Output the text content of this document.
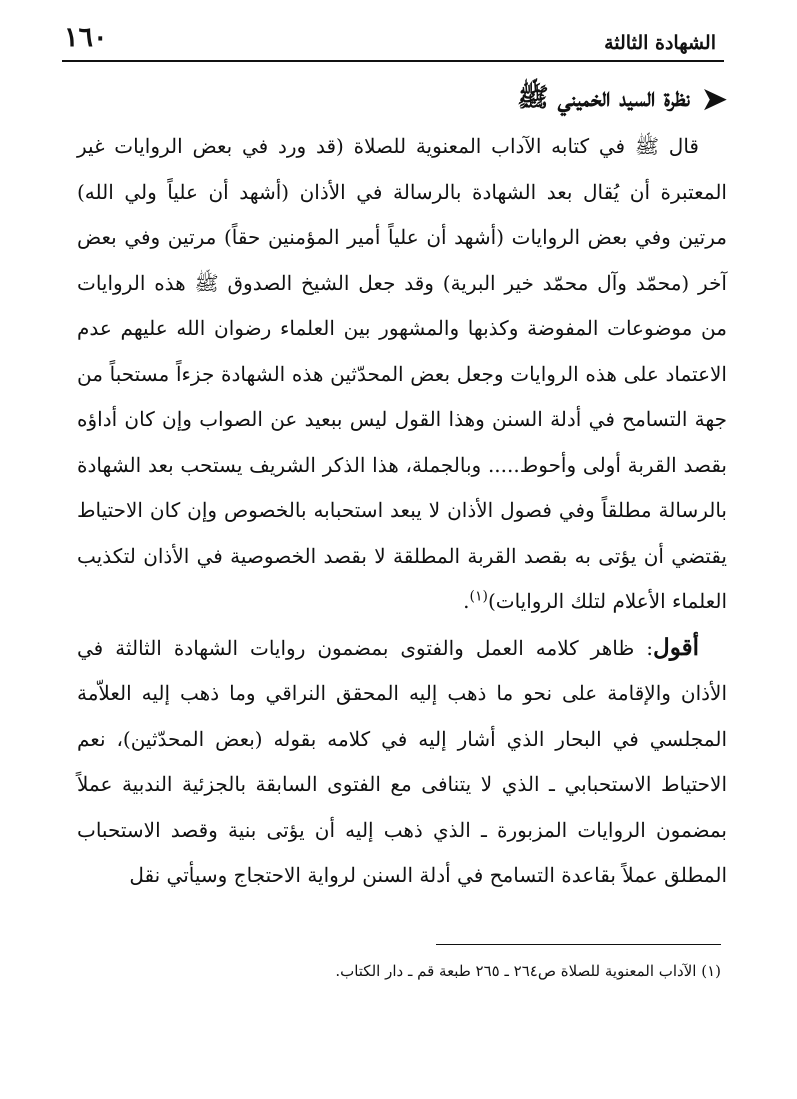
١٦٠	الشهادة الثالثة
➤
نظرة السيد الخميني ﷺ

قال ﷺ في كتابه الآداب المعنوية للصلاة (قد ورد في بعض الروايات غير المعتبرة أن يُقال بعد الشهادة بالرسالة في الأذان (أشهد أن علياً ولي الله) مرتين وفي بعض الروايات (أشهد أن علياً أمير المؤمنين حقاً) مرتين وفي بعض آخر (محمّد وآل محمّد خير البرية) وقد جعل الشيخ الصدوق ﷺ هذه الروايات من موضوعات المفوضة وكذبها والمشهور بين العلماء رضوان الله عليهم عدم الاعتماد على هذه الروايات وجعل بعض المحدّثين هذه الشهادة جزءاً مستحباً من جهة التسامح في أدلة السنن وهذا القول ليس ببعيد عن الصواب وإن كان أداؤه بقصد القربة أولى وأحوط..... وبالجملة، هذا الذكر الشريف يستحب بعد الشهادة بالرسالة مطلقاً وفي فصول الأذان لا يبعد استحبابه بالخصوص وإن كان الاحتياط يقتضي أن يؤتى به بقصد القربة المطلقة لا بقصد الخصوصية في الأذان لتكذيب العلماء الأعلام لتلك الروايات)$^{(١)}$.

أقول: ظاهر كلامه العمل والفتوى بمضمون روايات الشهادة الثالثة في الأذان والإقامة على نحو ما ذهب إليه المحقق النراقي وما ذهب إليه العلاّمة المجلسي في البحار الذي أشار إليه في كلامه بقوله (بعض المحدّثين)، نعم الاحتياط الاستحبابي ـ الذي لا يتنافى مع الفتوى السابقة بالجزئية الندبية عملاً بمضمون الروايات المزبورة ـ الذي ذهب إليه أن يؤتى بنية وقصد الاستحباب المطلق عملاً بقاعدة التسامح في أدلة السنن لرواية الاحتجاج وسيأتي نقل

(١) الآداب المعنوية للصلاة ص٢٦٤ ـ ٢٦٥ طبعة قم ـ دار الكتاب.
